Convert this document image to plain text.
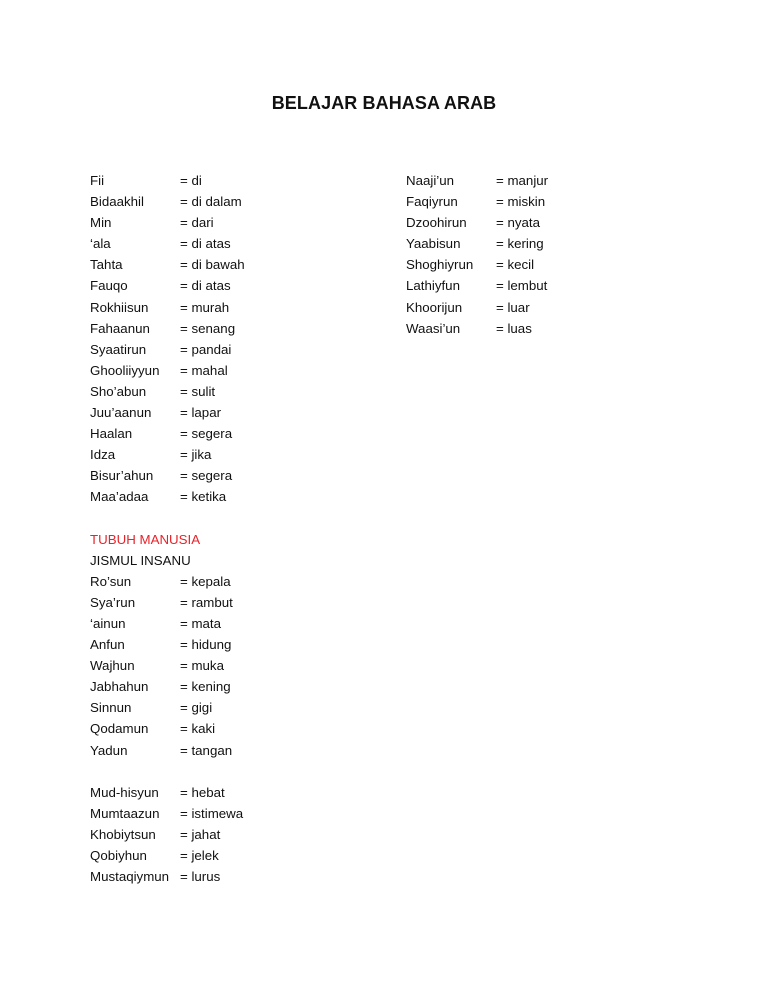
BELAJAR BAHASA ARAB
Fii	= di
Bidaakhil	= di dalam
Min	= dari
‘ala	= di atas
Tahta	= di bawah
Fauqo	= di atas
Rokhiisun = murah
Fahaanun = senang
Syaatirun	= pandai
Ghooliiyyun = mahal
Sho’abun	= sulit
Juu’aanun = lapar
Haalan	= segera
Idza	= jika
Bisur’ahun = segera
Maa’adaa = ketika
TUBUH MANUSIA
JISMUL INSANU
Ro’sun	= kepala
Sya’run	= rambut
‘ainun	= mata
Anfun	= hidung
Wajhun	= muka
Jabhahun = kening
Sinnun	= gigi
Qodamun = kaki
Yadun	= tangan
Mud-hisyun = hebat
Mumtaazun = istimewa
Khobiytsun = jahat
Qobiyhun = jelek
Mustaqiymun = lurus
Naaji’un	= manjur
Faqiyrun	= miskin
Dzoohirun = nyata
Yaabisun	= kering
Shoghiyrun = kecil
Lathiyfun	= lembut
Khoorijun	= luar
Waasi’un	= luas
